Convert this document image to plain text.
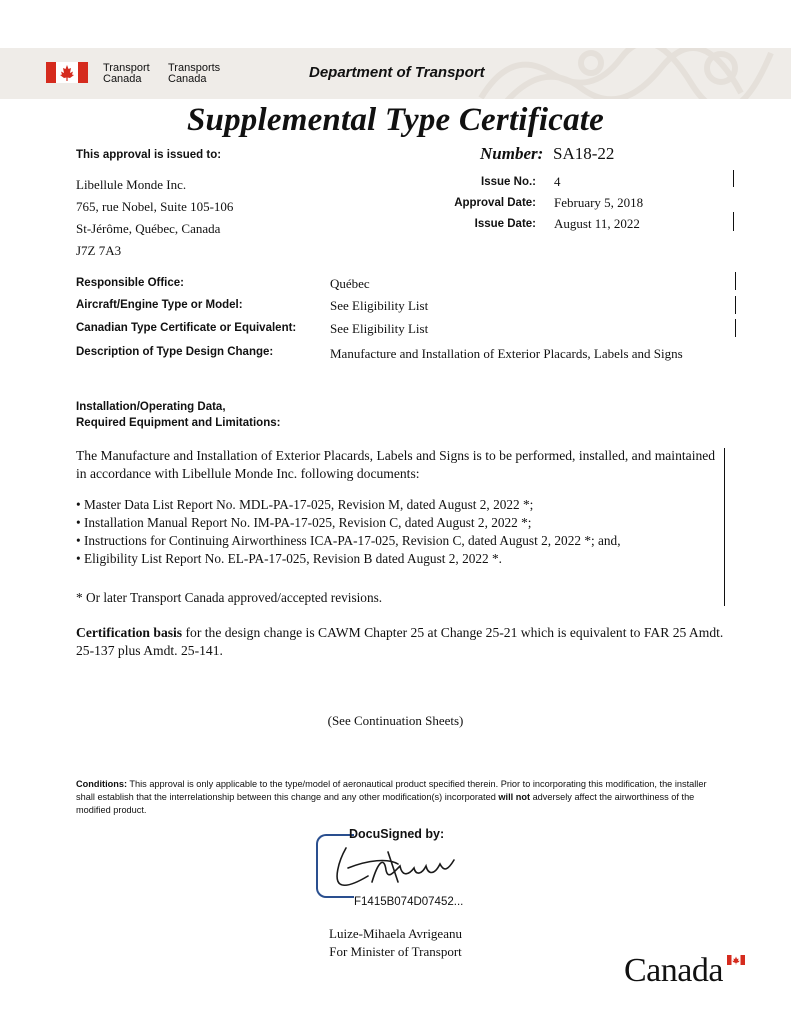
Transport
Canada
Transports
Canada	Department of Transport
Supplemental Type Certificate
This approval is issued to:
Libellule Monde Inc.
765, rue Nobel, Suite 105-106
St-Jérôme, Québec, Canada
J7Z 7A3
Number: SA18-22
Issue No.: 4
Approval Date: February 5, 2018
Issue Date: August 11, 2022
Responsible Office:	Québec
Aircraft/Engine Type or Model:	See Eligibility List
Canadian Type Certificate or Equivalent:	See Eligibility List
Description of Type Design Change:	Manufacture and Installation of Exterior Placards, Labels and Signs
Installation/Operating Data,
Required Equipment and Limitations:
The Manufacture and Installation of Exterior Placards, Labels and Signs is to be performed, installed, and maintained in accordance with Libellule Monde Inc. following documents:
• Master Data List Report No. MDL-PA-17-025, Revision M, dated August 2, 2022 *;
• Installation Manual Report No. IM-PA-17-025, Revision C, dated August 2, 2022 *;
• Instructions for Continuing Airworthiness ICA-PA-17-025, Revision C, dated August 2, 2022 *; and,
• Eligibility List Report No. EL-PA-17-025, Revision B dated August 2, 2022 *.
* Or later Transport Canada approved/accepted revisions.
Certification basis for the design change is CAWM Chapter 25 at Change 25-21 which is equivalent to FAR 25 Amdt. 25-137 plus Amdt. 25-141.
(See Continuation Sheets)
Conditions: This approval is only applicable to the type/model of aeronautical product specified therein. Prior to incorporating this modification, the installer shall establish that the interrelationship between this change and any other modification(s) incorporated will not adversely affect the airworthiness of the modified product.
DocuSigned by:
F1415B074D07452...
Luize-Mihaela Avrigeanu
For Minister of Transport
Canada
